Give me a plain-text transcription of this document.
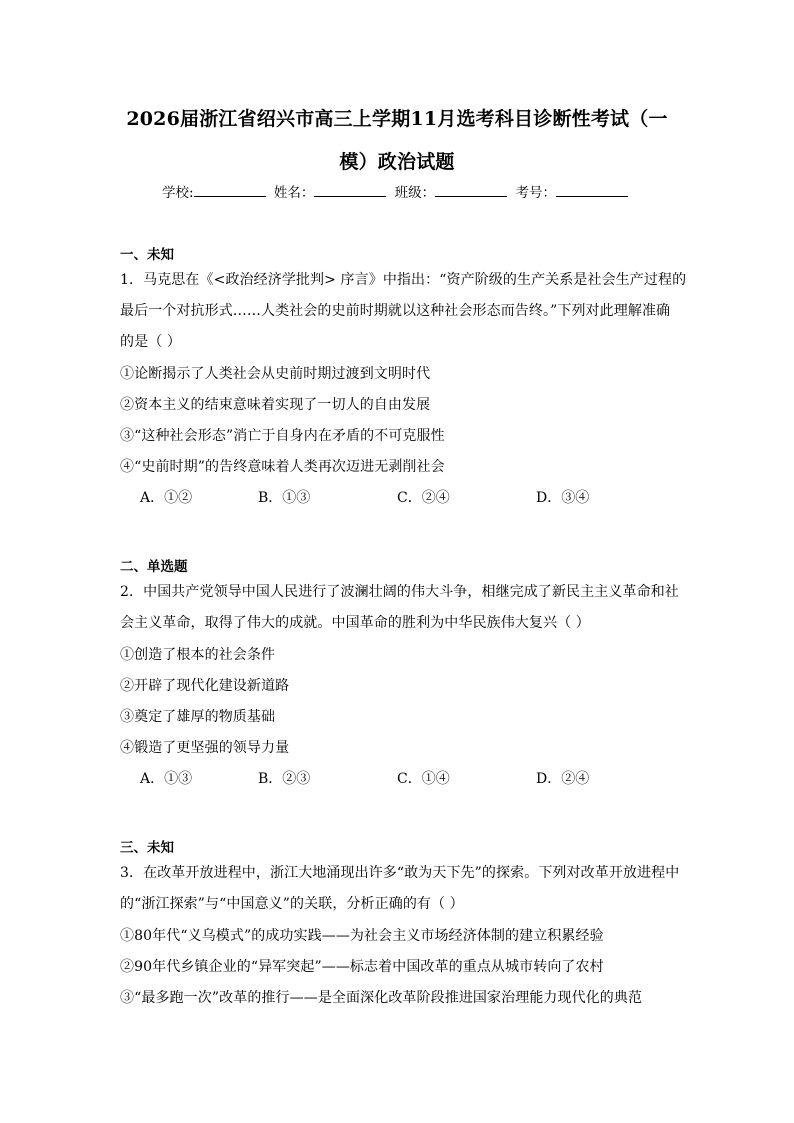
2026届浙江省绍兴市高三上学期11月选考科目诊断性考试（一
模）政治试题
学校:	姓名：	班级：	考号：
一、未知
1．马克思在《<政治经济学批判> 序言》中指出：“资产阶级的生产关系是社会生产过程的
最后一个对抗形式……人类社会的史前时期就以这种社会形态而告终。”下列对此理解准确
的是（ ）
①论断揭示了人类社会从史前时期过渡到文明时代
②资本主义的结束意味着实现了一切人的自由发展
③“这种社会形态”消亡于自身内在矛盾的不可克服性
④“史前时期”的告终意味着人类再次迈进无剥削社会
A．①②	B．①③	C．②④	D．③④
二、单选题
2．中国共产党领导中国人民进行了波澜壮阔的伟大斗争，相继完成了新民主主义革命和社
会主义革命，取得了伟大的成就。中国革命的胜利为中华民族伟大复兴（ ）
①创造了根本的社会条件
②开辟了现代化建设新道路
③奠定了雄厚的物质基础
④锻造了更坚强的领导力量
A．①③	B．②③	C．①④	D．②④
三、未知
3．在改革开放进程中，浙江大地涌现出许多“敢为天下先”的探索。下列对改革开放进程中
的“浙江探索”与“中国意义”的关联，分析正确的有（ ）
①80年代“义乌模式”的成功实践——为社会主义市场经济体制的建立积累经验
②90年代乡镇企业的“异军突起”——标志着中国改革的重点从城市转向了农村
③“最多跑一次”改革的推行——是全面深化改革阶段推进国家治理能力现代化的典范
